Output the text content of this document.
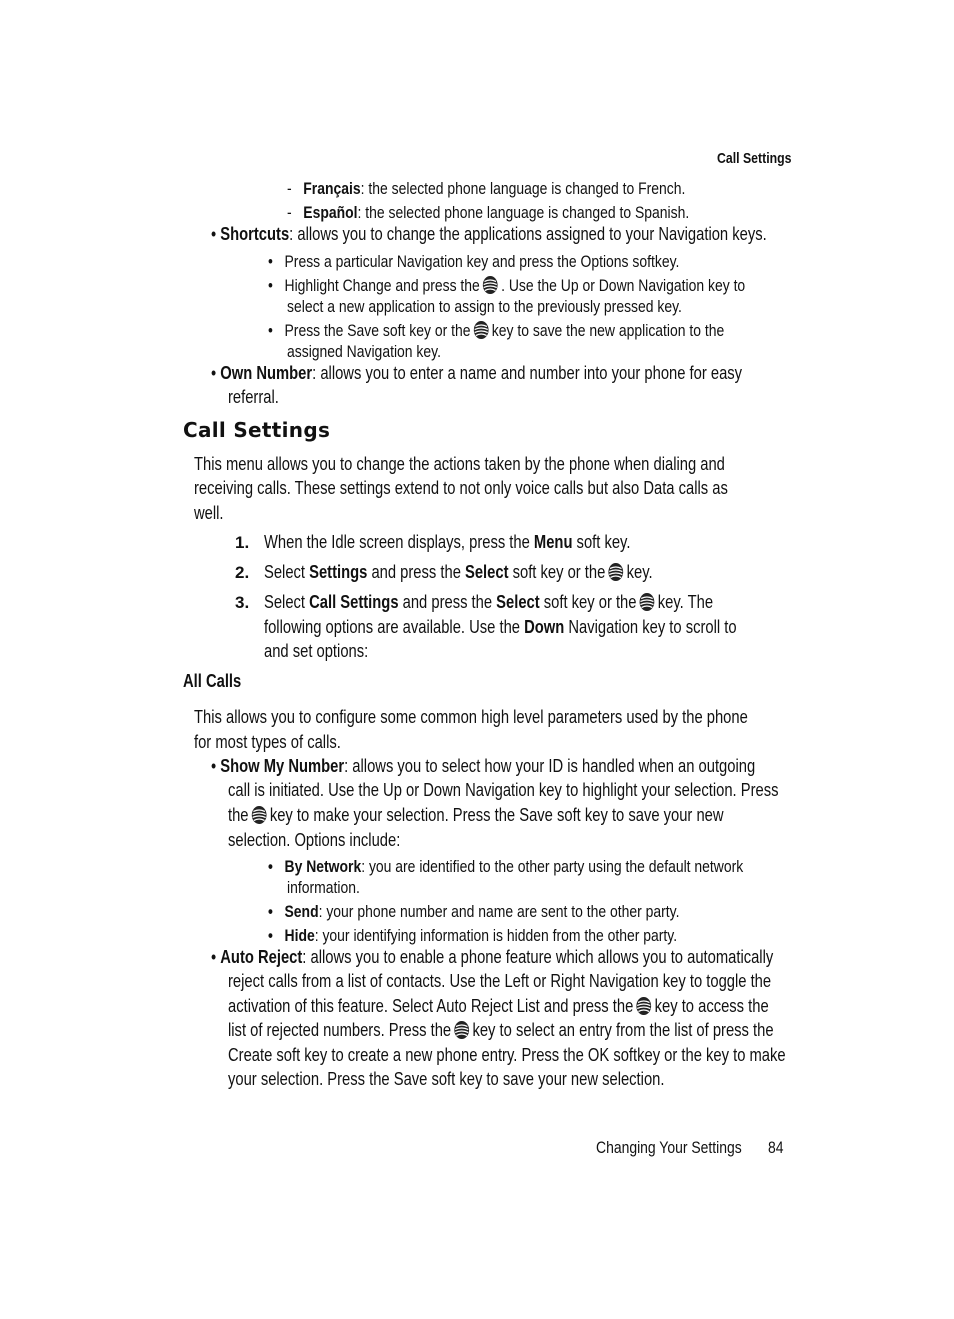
Call Settings
-   Français: the selected phone language is changed to French.
-   Español: the selected phone language is changed to Spanish.
• Shortcuts: allows you to change the applications assigned to your Navigation keys.
•   Press a particular Navigation key and press the Options softkey.
•   Highlight Change and press the . Use the Up or Down Navigation key to
select a new application to assign to the previously pressed key.
•   Press the Save soft key or the key to save the new application to the
assigned Navigation key.
• Own Number: allows you to enter a name and number into your phone for easy
referral.
Call Settings
This menu allows you to change the actions taken by the phone when dialing and
receiving calls. These settings extend to not only voice calls but also Data calls as
well.
1. When the Idle screen displays, press the Menu soft key.
2. Select Settings and press the Select soft key or the key.
3. Select Call Settings and press the Select soft key or the key. The
following options are available. Use the Down Navigation key to scroll to
and set options:
All Calls
This allows you to configure some common high level parameters used by the phone
for most types of calls.
• Show My Number: allows you to select how your ID is handled when an outgoing
call is initiated. Use the Up or Down Navigation key to highlight your selection. Press
the key to make your selection. Press the Save soft key to save your new
selection. Options include:
• By Network: you are identified to the other party using the default network
information.
• Send: your phone number and name are sent to the other party.
• Hide: your identifying information is hidden from the other party.
• Auto Reject: allows you to enable a phone feature which allows you to automatically
reject calls from a list of contacts. Use the Left or Right Navigation key to toggle the
activation of this feature. Select Auto Reject List and press the key to access the
list of rejected numbers. Press the key to select an entry from the list of press the
Create soft key to create a new phone entry. Press the OK softkey or the key to make
your selection. Press the Save soft key to save your new selection.
Changing Your Settings 84
